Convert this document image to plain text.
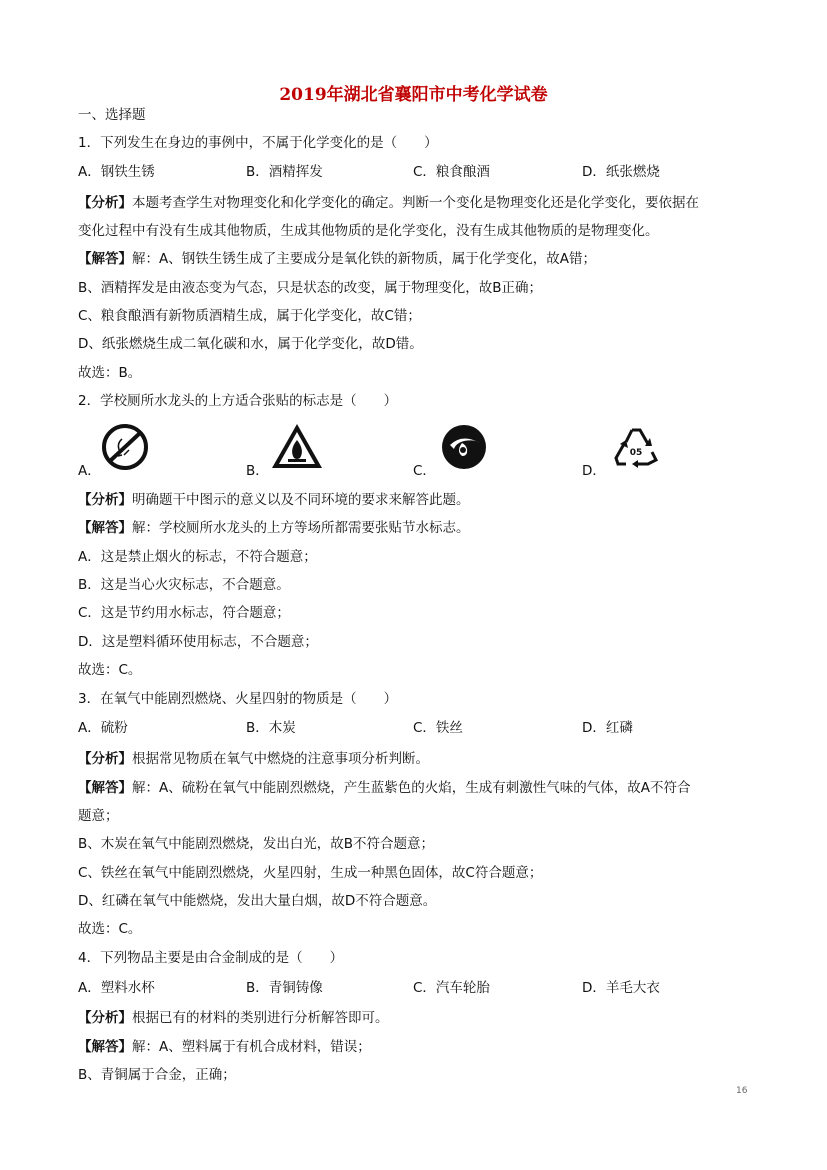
2019年湖北省襄阳市中考化学试卷
一、选择题
1．下列发生在身边的事例中，不属于化学变化的是（　　）
A．钢铁生锈	B．酒精挥发	C．粮食酿酒	D．纸张燃烧
【分析】本题考查学生对物理变化和化学变化的确定。判断一个变化是物理变化还是化学变化，要依据在
变化过程中有没有生成其他物质，生成其他物质的是化学变化，没有生成其他物质的是物理变化。
【解答】解：A、钢铁生锈生成了主要成分是氧化铁的新物质，属于化学变化，故A错；
B、酒精挥发是由液态变为气态，只是状态的改变，属于物理变化，故B正确；
C、粮食酿酒有新物质酒精生成，属于化学变化，故C错；
D、纸张燃烧生成二氧化碳和水，属于化学变化，故D错。
故选：B。
2．学校厕所水龙头的上方适合张贴的标志是（　　）
A．	B．	C．	D．
05
【分析】明确题干中图示的意义以及不同环境的要求来解答此题。
【解答】解：学校厕所水龙头的上方等场所都需要张贴节水标志。
A．这是禁止烟火的标志，不符合题意；
B．这是当心火灾标志，不合题意。
C．这是节约用水标志，符合题意；
D．这是塑料循环使用标志，不合题意；
故选：C。
3．在氧气中能剧烈燃烧、火星四射的物质是（　　）
A．硫粉	B．木炭	C．铁丝	D．红磷
【分析】根据常见物质在氧气中燃烧的注意事项分析判断。
【解答】解：A、硫粉在氧气中能剧烈燃烧，产生蓝紫色的火焰，生成有刺激性气味的气体，故A不符合
题意；
B、木炭在氧气中能剧烈燃烧，发出白光，故B不符合题意；
C、铁丝在氧气中能剧烈燃烧，火星四射，生成一种黑色固体，故C符合题意；
D、红磷在氧气中能燃烧，发出大量白烟，故D不符合题意。
故选：C。
4．下列物品主要是由合金制成的是（　　）
A．塑料水杯	B．青铜铸像	C．汽车轮胎	D．羊毛大衣
【分析】根据已有的材料的类别进行分析解答即可。
【解答】解：A、塑料属于有机合成材料，错误；
B、青铜属于合金，正确；
16
